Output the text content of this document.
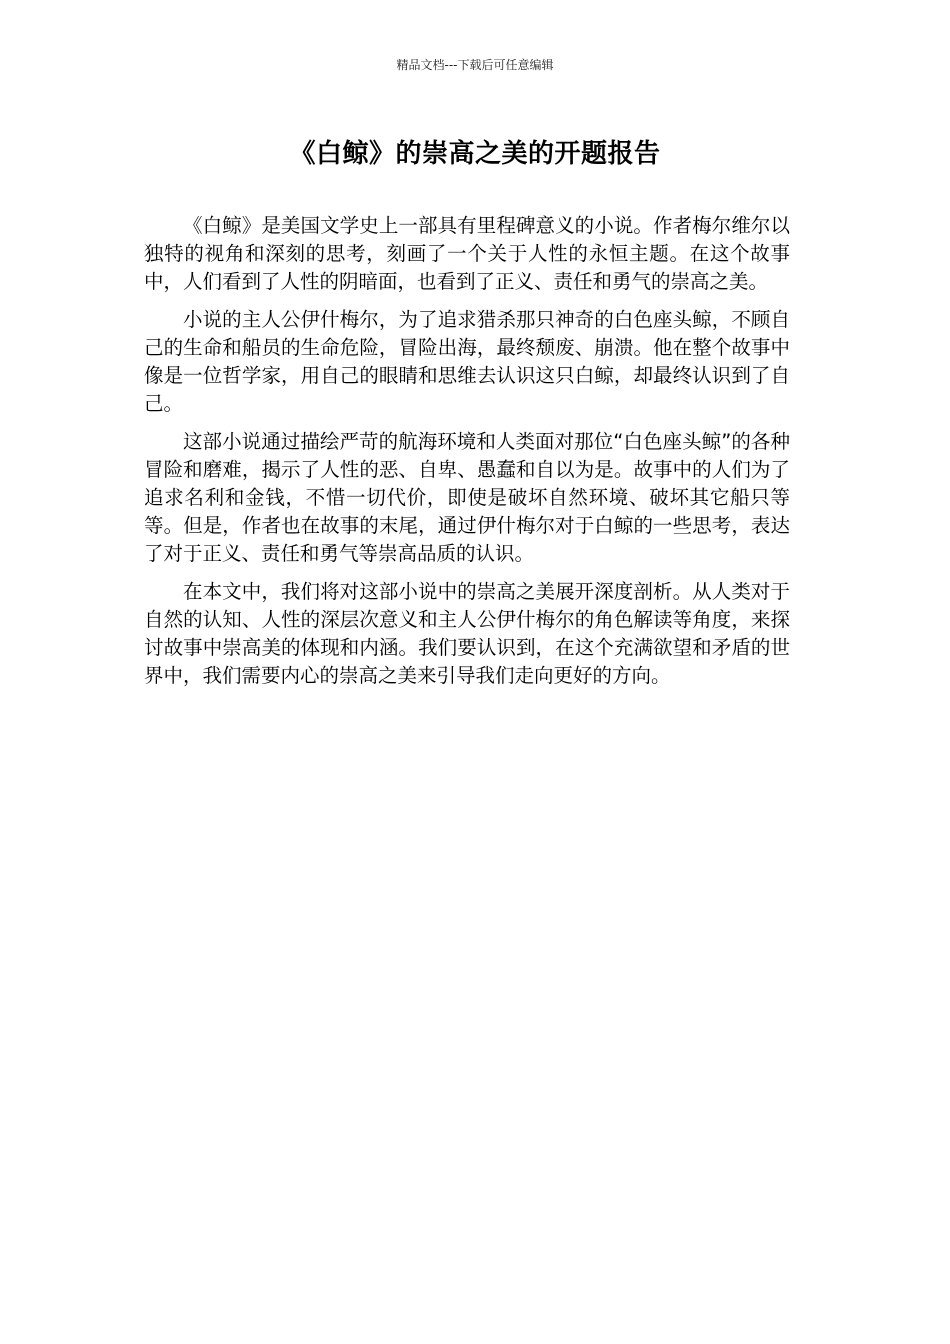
精品文档---下载后可任意编辑
《白鲸》的崇高之美的开题报告

《白鲸》是美国文学史上一部具有里程碑意义的小说。作者梅尔维尔以独特的视角和深刻的思考，刻画了一个关于人性的永恒主题。在这个故事中，人们看到了人性的阴暗面，也看到了正义、责任和勇气的崇高之美。

小说的主人公伊什梅尔，为了追求猎杀那只神奇的白色座头鲸，不顾自己的生命和船员的生命危险，冒险出海，最终颓废、崩溃。他在整个故事中像是一位哲学家，用自己的眼睛和思维去认识这只白鲸，却最终认识到了自己。

这部小说通过描绘严苛的航海环境和人类面对那位“白色座头鲸”的各种冒险和磨难，揭示了人性的恶、自卑、愚蠢和自以为是。故事中的人们为了追求名利和金钱，不惜一切代价，即使是破坏自然环境、破坏其它船只等等。但是，作者也在故事的末尾，通过伊什梅尔对于白鲸的一些思考，表达了对于正义、责任和勇气等崇高品质的认识。

在本文中，我们将对这部小说中的崇高之美展开深度剖析。从人类对于自然的认知、人性的深层次意义和主人公伊什梅尔的角色解读等角度，来探讨故事中崇高美的体现和内涵。我们要认识到，在这个充满欲望和矛盾的世界中，我们需要内心的崇高之美来引导我们走向更好的方向。
